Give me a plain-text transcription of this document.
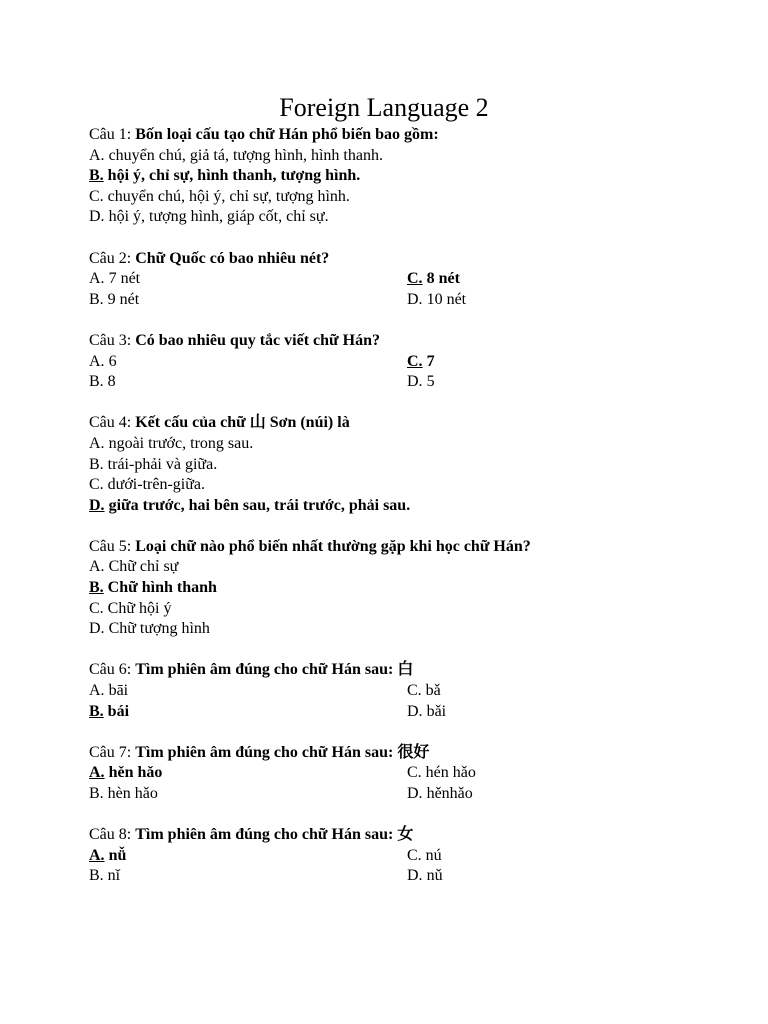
Foreign Language 2
Câu 1: Bốn loại cấu tạo chữ Hán phổ biến bao gồm:
A. chuyển chú, giả tá, tượng hình, hình thanh.
B. hội ý, chỉ sự, hình thanh, tượng hình.
C. chuyển chú, hội ý, chỉ sự, tượng hình.
D. hội ý, tượng hình, giáp cốt, chỉ sự.
Câu 2: Chữ Quốc có bao nhiêu nét?
A. 7 nét	C. 8 nét
B. 9 nét	D. 10 nét
Câu 3: Có bao nhiêu quy tắc viết chữ Hán?
A. 6	C. 7
B. 8	D. 5
Câu 4: Kết cấu của chữ 山 Sơn (núi) là
A. ngoài trước, trong sau.
B. trái-phải và giữa.
C. dưới-trên-giữa.
D. giữa trước, hai bên sau, trái trước, phải sau.
Câu 5: Loại chữ nào phổ biến nhất thường gặp khi học chữ Hán?
A. Chữ chỉ sự
B. Chữ hình thanh
C. Chữ hội ý
D. Chữ tượng hình
Câu 6: Tìm phiên âm đúng cho chữ Hán sau: 白
A. bāi	C. bǎ
B. bái	D. bǎi
Câu 7: Tìm phiên âm đúng cho chữ Hán sau: 很好
A. hěn hǎo	C. hén hǎo
B. hèn hǎo	D. hěnhǎo
Câu 8: Tìm phiên âm đúng cho chữ Hán sau: 女
A. nǚ	C. nú
B. nǐ	D. nǔ
